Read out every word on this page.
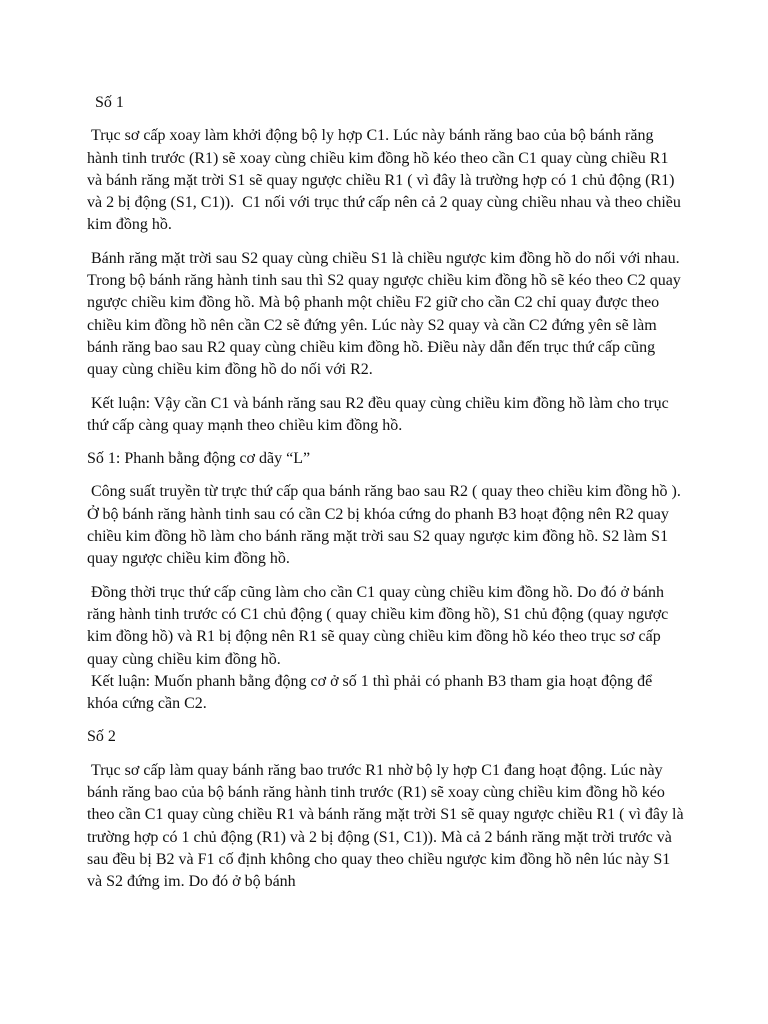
Số 1

Trục sơ cấp xoay làm khởi động bộ ly hợp C1. Lúc này bánh răng bao của bộ bánh răng hành tinh trước (R1) sẽ xoay cùng chiều kim đồng hồ kéo theo cần C1 quay cùng chiều R1 và bánh răng mặt trời S1 sẽ quay ngược chiều R1 ( vì đây là trường hợp có 1 chủ động (R1) và 2 bị động (S1, C1)).  C1 nối với trục thứ cấp nên cả 2 quay cùng chiều nhau và theo chiều kim đồng hồ.

Bánh răng mặt trời sau S2 quay cùng chiều S1 là chiều ngược kim đồng hồ do nối với nhau. Trong bộ bánh răng hành tinh sau thì S2 quay ngược chiều kim đồng hồ sẽ kéo theo C2 quay ngược chiều kim đồng hồ. Mà bộ phanh một chiều F2 giữ cho cần C2 chỉ quay được theo chiều kim đồng hồ nên cần C2 sẽ đứng yên. Lúc này S2 quay và cần C2 đứng yên sẽ làm bánh răng bao sau R2 quay cùng chiều kim đồng hồ. Điều này dẫn đến trục thứ cấp cũng quay cùng chiều kim đồng hồ do nối với R2.

Kết luận: Vậy cần C1 và bánh răng sau R2 đều quay cùng chiều kim đồng hồ làm cho trục thứ cấp càng quay mạnh theo chiều kim đồng hồ.

Số 1: Phanh bằng động cơ dãy “L”

Công suất truyền từ trực thứ cấp qua bánh răng bao sau R2 ( quay theo chiều kim đồng hồ ). Ở bộ bánh răng hành tinh sau có cần C2 bị khóa cứng do phanh B3 hoạt động nên R2 quay chiều kim đồng hồ làm cho bánh răng mặt trời sau S2 quay ngược kim đồng hồ. S2 làm S1 quay ngược chiều kim đồng hồ.

Đồng thời trục thứ cấp cũng làm cho cần C1 quay cùng chiều kim đồng hồ. Do đó ở bánh răng hành tinh trước có C1 chủ động ( quay chiều kim đồng hồ), S1 chủ động (quay ngược kim đồng hồ) và R1 bị động nên R1 sẽ quay cùng chiều kim đồng hồ kéo theo trục sơ cấp quay cùng chiều kim đồng hồ.

Kết luận: Muốn phanh bằng động cơ ở số 1 thì phải có phanh B3 tham gia hoạt động để khóa cứng cần C2.

Số 2

Trục sơ cấp làm quay bánh răng bao trước R1 nhờ bộ ly hợp C1 đang hoạt động. Lúc này bánh răng bao của bộ bánh răng hành tinh trước (R1) sẽ xoay cùng chiều kim đồng hồ kéo theo cần C1 quay cùng chiều R1 và bánh răng mặt trời S1 sẽ quay ngược chiều R1 ( vì đây là trường hợp có 1 chủ động (R1) và 2 bị động (S1, C1)). Mà cả 2 bánh răng mặt trời trước và sau đều bị B2 và F1 cố định không cho quay theo chiều ngược kim đồng hồ nên lúc này S1 và S2 đứng im. Do đó ở bộ bánh
